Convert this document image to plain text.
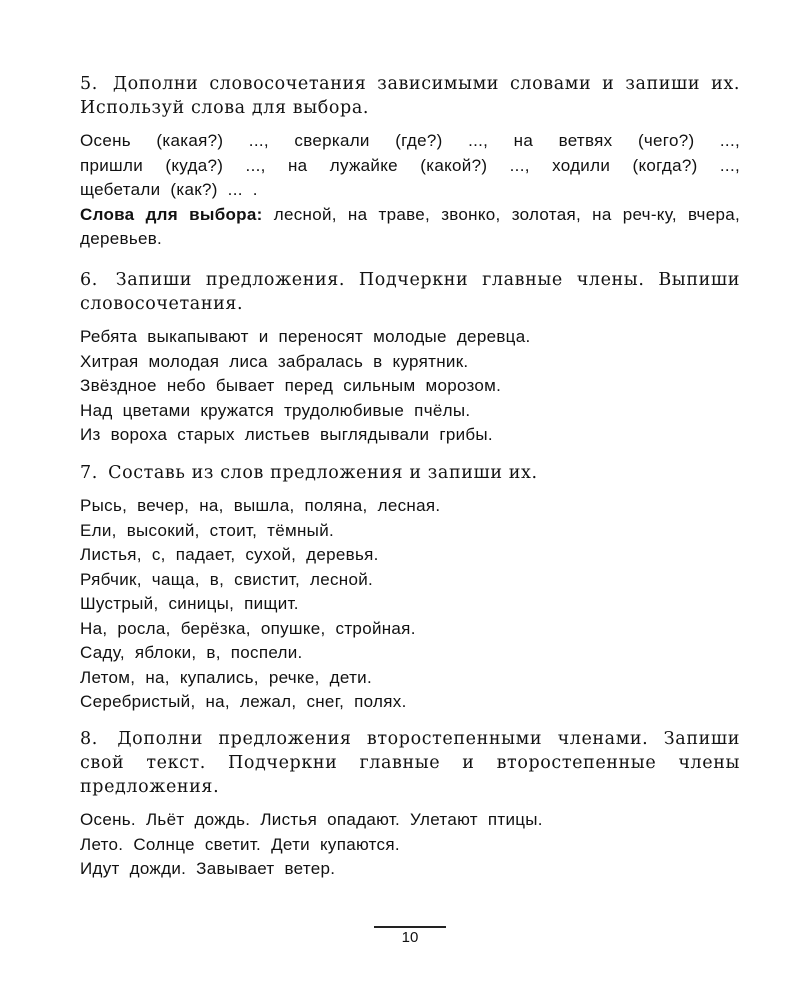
5. Дополни словосочетания зависимыми словами и запиши их. Используй слова для выбора.

Осень (какая?) ..., сверкали (где?) ..., на ветвях (чего?) ...,
пришли (куда?) ..., на лужайке (какой?) ..., ходили (когда?) ...,
щебетали (как?) ... .
Слова для выбора: лесной, на траве, звонко, золотая, на реч-ку, вчера, деревьев.

6. Запиши предложения. Подчеркни главные члены. Выпиши словосочетания.

Ребята выкапывают и переносят молодые деревца.
Хитрая молодая лиса забралась в курятник.
Звёздное небо бывает перед сильным морозом.
Над цветами кружатся трудолюбивые пчёлы.
Из вороха старых листьев выглядывали грибы.

7. Составь из слов предложения и запиши их.

Рысь, вечер, на, вышла, поляна, лесная.
Ели, высокий, стоит, тёмный.
Листья, с, падает, сухой, деревья.
Рябчик, чаща, в, свистит, лесной.
Шустрый, синицы, пищит.
На, росла, берёзка, опушке, стройная.
Саду, яблоки, в, поспели.
Летом, на, купались, речке, дети.
Серебристый, на, лежал, снег, полях.

8. Дополни предложения второстепенными членами. Запиши свой текст. Подчеркни главные и второстепенные члены предложения.

Осень. Льёт дождь. Листья опадают. Улетают птицы.
Лето. Солнце светит. Дети купаются.
Идут дожди. Завывает ветер.
10
